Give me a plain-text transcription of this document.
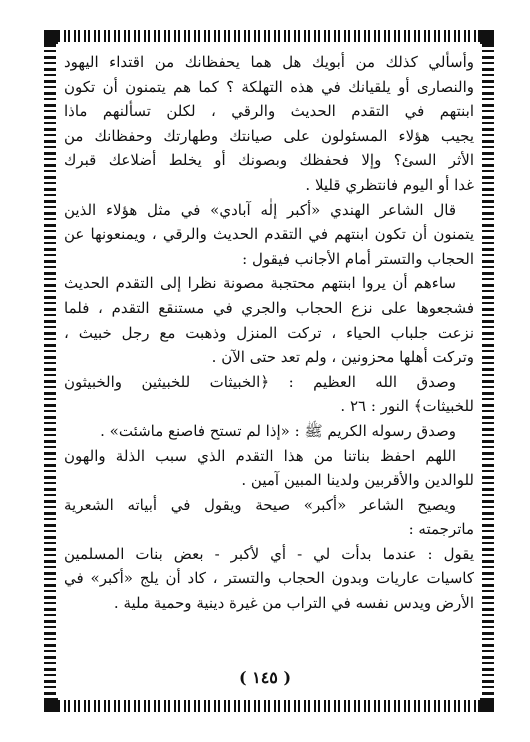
وأسألي كذلك من أبويك هل هما يحفظانك من اقتداء اليهود
والنصارى أو يلقيانك في هذه التهلكة ؟ كما هم يتمنون أن تكون
ابنتهم في التقدم الحديث والرقي ، لكلن تسألنهم ماذا
يجيب هؤلاء المسئولون على صيانتك وطهارتك وحفظانك من
الأثر السئ؟ وإلا فحفظك وبصونك أو يخلط أضلاعك قبرك
غدا أو اليوم فانتظري قليلا .
قال الشاعر الهندي «أكبر إلٰه آبادي» في مثل هؤلاء الذين
يتمنون أن تكون ابنتهم في التقدم الحديث والرقي ، ويمنعونها عن
الحجاب والتستر أمام الأجانب فيقول :
ساءهم أن يروا ابنتهم محتجبة مصونة نظرا إلى التقدم الحديث
فشجعوها على نزع الحجاب والجري في مستنقع التقدم ، فلما
نزعت جلباب الحياء ، تركت المنزل وذهبت مع رجل خبيث ،
وتركت أهلها محزونين ، ولم تعد حتى الآن .
وصدق الله العظيم : ﴿الخبيثات للخبيثين والخبيثون
للخبيثات﴾ النور : ٢٦ .
وصدق رسوله الكريم ﷺ : «إذا لم تستح فاصنع ماشئت» .
اللهم احفظ بناتنا من هذا التقدم الذي سبب الذلة والهون
للوالدين والأقربين ولدينا المبين آمين .
ويصيح الشاعر «أكبر» صيحة ويقول في أبياته الشعرية
ماترجمته :
يقول : عندما بدأت لي - أي لأكبر - بعض بنات المسلمين
كاسيات عاريات وبدون الحجاب والتستر ، كاد أن يلج «أكبر» في
الأرض ويدس نفسه في التراب من غيرة دينية وحمية ملية .
( ١٤٥ )
